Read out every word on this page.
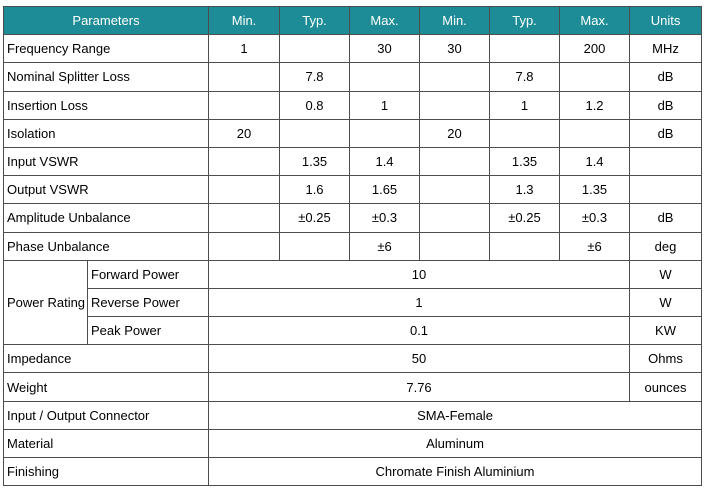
Parameters		Min.	Typ.	Max.	Min.	Typ.	Max.	Units
Frequency Range		1		30	30		200	MHz
Nominal Splitter Loss			7.8			7.8		dB
Insertion Loss			0.8	1		1	1.2	dB
Isolation		20			20			dB
Input VSWR			1.35	1.4		1.35	1.4	
Output VSWR			1.6	1.65		1.3	1.35	
Amplitude Unbalance			±0.25	±0.3		±0.25	±0.3	dB
Phase Unbalance				±6			±6	deg
Power Rating	Forward Power	10						W
	Reverse Power	1						W
	Peak Power	0.1						KW
Impedance		50						Ohms
Weight		7.76						ounces
Input / Output Connector		SMA-Female						
Material		Aluminum						
Finishing		Chromate Finish Aluminium						
